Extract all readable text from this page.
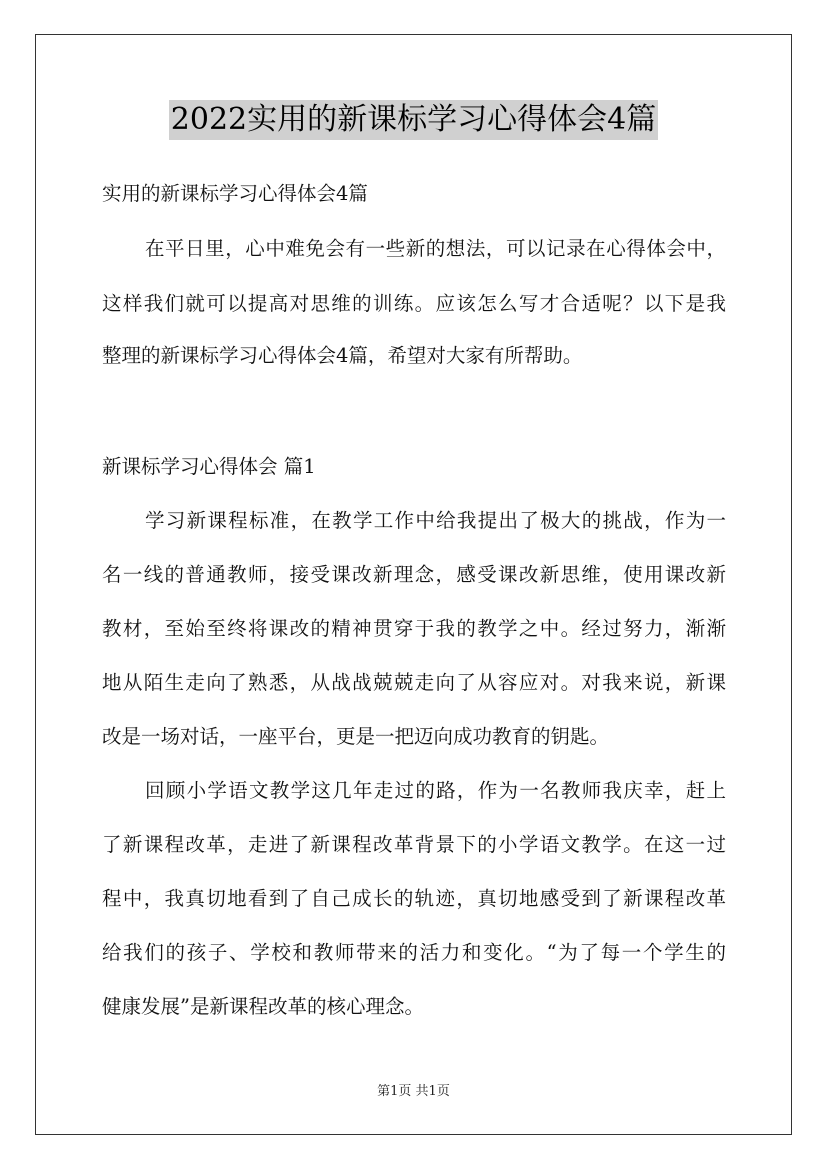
2022实用的新课标学习心得体会4篇
实用的新课标学习心得体会4篇
在平日里，心中难免会有一些新的想法，可以记录在心得体会中，
这样我们就可以提高对思维的训练。应该怎么写才合适呢？以下是我
整理的新课标学习心得体会4篇，希望对大家有所帮助。
新课标学习心得体会 篇1
学习新课程标准，在教学工作中给我提出了极大的挑战，作为一
名一线的普通教师，接受课改新理念，感受课改新思维，使用课改新
教材，至始至终将课改的精神贯穿于我的教学之中。经过努力，渐渐
地从陌生走向了熟悉，从战战兢兢走向了从容应对。对我来说，新课
改是一场对话，一座平台，更是一把迈向成功教育的钥匙。
回顾小学语文教学这几年走过的路，作为一名教师我庆幸，赶上
了新课程改革，走进了新课程改革背景下的小学语文教学。在这一过
程中，我真切地看到了自己成长的轨迹，真切地感受到了新课程改革
给我们的孩子、学校和教师带来的活力和变化。“为了每一个学生的
健康发展”是新课程改革的核心理念。
第1页 共1页
